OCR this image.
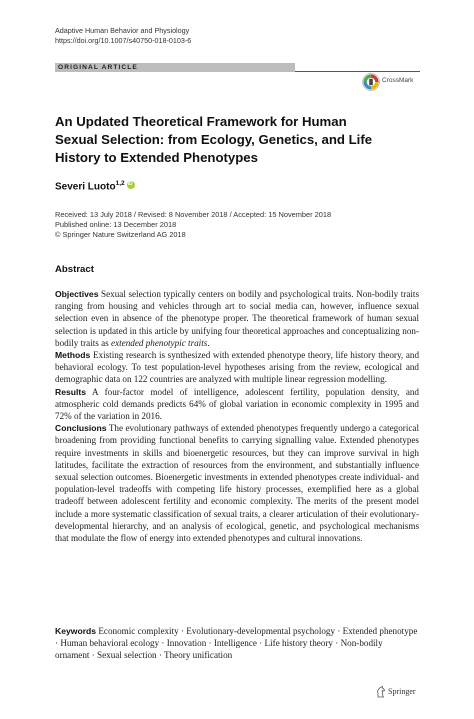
Adaptive Human Behavior and Physiology
https://doi.org/10.1007/s40750-018-0103-6
ORIGINAL ARTICLE
CrossMark
An Updated Theoretical Framework for Human Sexual Selection: from Ecology, Genetics, and Life History to Extended Phenotypes
Severi Luoto$^{1,2}$iD
Received: 13 July 2018 / Revised: 8 November 2018 / Accepted: 15 November 2018
Published online: 13 December 2018
© Springer Nature Switzerland AG 2018
Abstract

Objectives Sexual selection typically centers on bodily and psychological traits. Non-bodily traits ranging from housing and vehicles through art to social media can, however, influence sexual selection even in absence of the phenotype proper. The theoretical framework of human sexual selection is updated in this article by unifying four theoretical approaches and conceptualizing non-bodily traits as extended phenotypic traits.

Methods Existing research is synthesized with extended phenotype theory, life history theory, and behavioral ecology. To test population-level hypotheses arising from the review, ecological and demographic data on 122 countries are analyzed with multiple linear regression modelling.

Results A four-factor model of intelligence, adolescent fertility, population density, and atmospheric cold demands predicts 64% of global variation in economic complexity in 1995 and 72% of the variation in 2016.

Conclusions The evolutionary pathways of extended phenotypes frequently undergo a categorical broadening from providing functional benefits to carrying signalling value. Extended phenotypes require investments in skills and bioenergetic resources, but they can improve survival in high latitudes, facilitate the extraction of resources from the environment, and substantially influence sexual selection outcomes. Bioenergetic investments in extended phenotypes create individual- and population-level tradeoffs with competing life history processes, exemplified here as a global tradeoff between adolescent fertility and economic complexity. The merits of the present model include a more systematic classification of sexual traits, a clearer articulation of their evolutionary-developmental hierarchy, and an analysis of ecological, genetic, and psychological mechanisms that modulate the flow of energy into extended phenotypes and cultural innovations.

Keywords Economic complexity · Evolutionary-developmental psychology · Extended phenotype · Human behavioral ecology · Innovation · Intelligence · Life history theory · Non-bodily ornament · Sexual selection · Theory unification
Springer
